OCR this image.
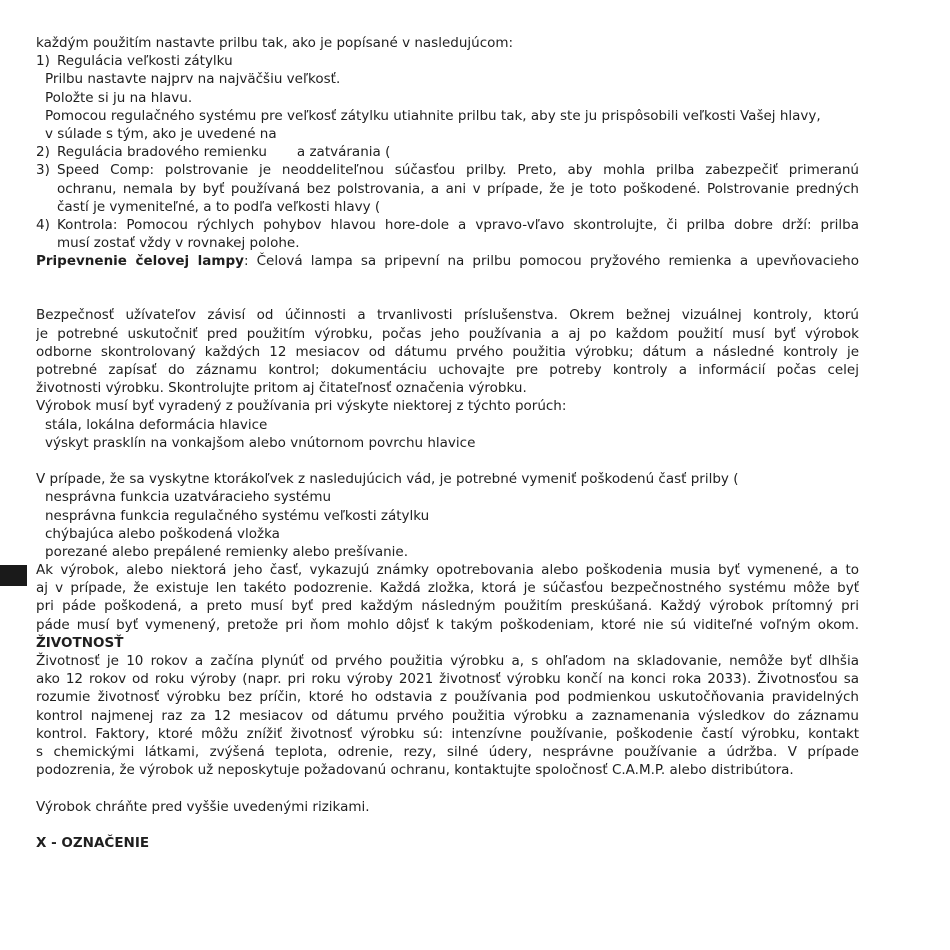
každým použitím nastavte prilbu tak, ako je popísané v nasledujúcom:
1) Regulácia veľkosti zátylku
Prilbu nastavte najprv na najväčšiu veľkosť.
Položte si ju na hlavu.
Pomocou regulačného systému pre veľkosť zátylku utiahnite prilbu tak, aby ste ju prispôsobili veľkosti Vašej hlavy,
v súlade s tým, ako je uvedené na
2) Regulácia bradového remienku       a zatvárania (
3) Speed Comp: polstrovanie je neoddeliteľnou súčasťou prilby. Preto, aby mohla prilba zabezpečiť primeranú
ochranu, nemala by byť používaná bez polstrovania, a ani v prípade, že je toto poškodené. Polstrovanie predných
častí je vymeniteľné, a to podľa veľkosti hlavy (
4) Kontrola: Pomocou rýchlych pohybov hlavou hore-dole a vpravo-vľavo skontrolujte, či prilba dobre drží: prilba
musí zostať vždy v rovnakej polohe.
Pripevnenie čelovej lampy: Čelová lampa sa pripevní na prilbu pomocou pryžového remienka a upevňovacieho
Bezpečnosť užívateľov závisí od účinnosti a trvanlivosti príslušenstva. Okrem bežnej vizuálnej kontroly, ktorú
je potrebné uskutočniť pred použitím výrobku, počas jeho používania a aj po každom použití musí byť výrobok
odborne skontrolovaný každých 12 mesiacov od dátumu prvého použitia výrobku; dátum a následné kontroly je
potrebné zapísať do záznamu kontrol; dokumentáciu uchovajte pre potreby kontroly a informácií počas celej
životnosti výrobku. Skontrolujte pritom aj čitateľnosť označenia výrobku.
Výrobok musí byť vyradený z používania pri výskyte niektorej z týchto porúch:
stála, lokálna deformácia hlavice
výskyt prasklín na vonkajšom alebo vnútornom povrchu hlavice
V prípade, že sa vyskytne ktorákoľvek z nasledujúcich vád, je potrebné vymeniť poškodenú časť prilby (
nesprávna funkcia uzatváracieho systému
nesprávna funkcia regulačného systému veľkosti zátylku
chýbajúca alebo poškodená vložka
porezané alebo prepálené remienky alebo prešívanie.
Ak výrobok, alebo niektorá jeho časť, vykazujú známky opotrebovania alebo poškodenia musia byť vymenené, a to
aj v prípade, že existuje len takéto podozrenie. Každá zložka, ktorá je súčasťou bezpečnostného systému môže byť
pri páde poškodená, a preto musí byť pred každým následným použitím preskúšaná. Každý výrobok prítomný pri
páde musí byť vymenený, pretože pri ňom mohlo dôjsť k takým poškodeniam, ktoré nie sú viditeľné voľným okom.
ŽIVOTNOSŤ
Životnosť je 10 rokov a začína plynúť od prvého použitia výrobku a, s ohľadom na skladovanie, nemôže byť dlhšia
ako 12 rokov od roku výroby (napr. pri roku výroby 2021 životnosť výrobku končí na konci roka 2033). Životnosťou sa
rozumie životnosť výrobku bez príčin, ktoré ho odstavia z používania pod podmienkou uskutočňovania pravidelných
kontrol najmenej raz za 12 mesiacov od dátumu prvého použitia výrobku a zaznamenania výsledkov do záznamu
kontrol. Faktory, ktoré môžu znížiť životnosť výrobku sú: intenzívne používanie, poškodenie častí výrobku, kontakt
s chemickými látkami, zvýšená teplota, odrenie, rezy, silné údery, nesprávne používanie a údržba. V prípade
podozrenia, že výrobok už neposkytuje požadovanú ochranu, kontaktujte spoločnosť C.A.M.P. alebo distribútora.
Výrobok chráňte pred vyššie uvedenými rizikami.
X - OZNAČENIE
